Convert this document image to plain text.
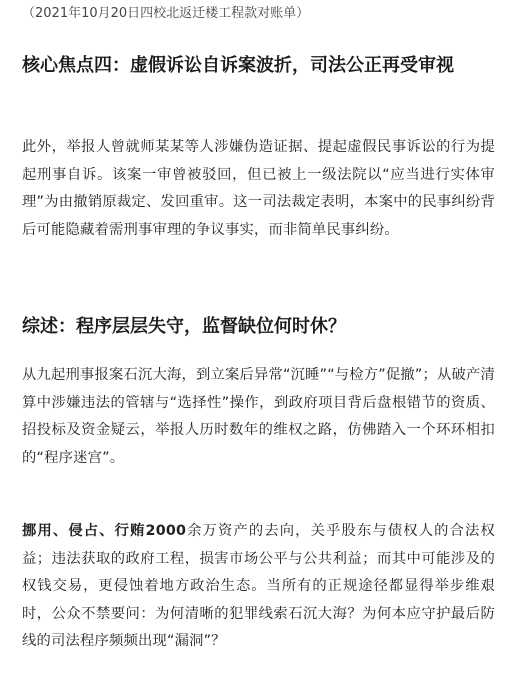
（2021年10月20日四校北返迁楼工程款对账单）

核心焦点四：虚假诉讼自诉案波折，司法公正再受审视

此外，举报人曾就师某某等人涉嫌伪造证据、提起虚假民事诉讼的行为提起刑事自诉。该案一审曾被驳回，但已被上一级法院以“应当进行实体审理”为由撤销原裁定、发回重审。这一司法裁定表明，本案中的民事纠纷背后可能隐藏着需刑事审理的争议事实，而非简单民事纠纷。

综述：程序层层失守，监督缺位何时休？

从九起刑事报案石沉大海，到立案后异常“沉睡”“与检方”促撤”；从破产清算中涉嫌违法的管辖与“选择性”操作，到政府项目背后盘根错节的资质、招投标及资金疑云，举报人历时数年的维权之路，仿佛踏入一个环环相扣的“程序迷宫”。

挪用、侵占、行贿2000余万资产的去向，关乎股东与债权人的合法权益；违法获取的政府工程，损害市场公平与公共利益；而其中可能涉及的权钱交易，更侵蚀着地方政治生态。当所有的正规途径都显得举步维艰时，公众不禁要问：为何清晰的犯罪线索石沉大海？为何本应守护最后防线的司法程序频频出现“漏洞”？
